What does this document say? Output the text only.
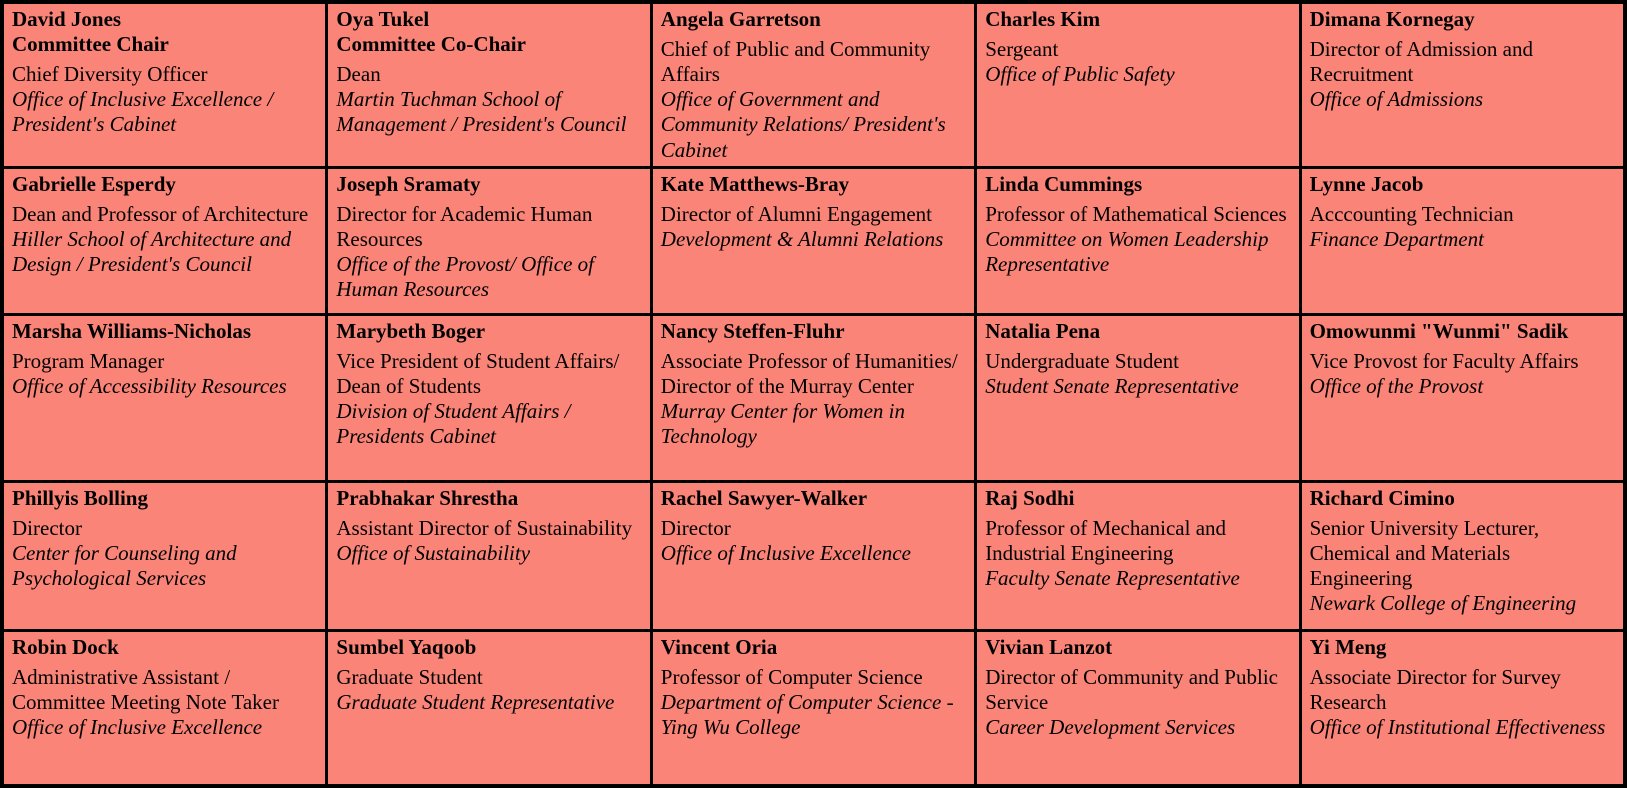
David Jones
Committee Chair
Chief Diversity Officer
Office of Inclusive Excellence / President's Cabinet
Oya Tukel
Committee Co-Chair
Dean
Martin Tuchman School of Management / President's Council
Angela Garretson
Chief of Public and Community Affairs
Office of Government and Community Relations/ President's Cabinet
Charles Kim
Sergeant
Office of Public Safety
Dimana Kornegay
Director of Admission and Recruitment
Office of Admissions
Gabrielle Esperdy
Dean and Professor of Architecture
Hiller School of Architecture and Design / President's Council
Joseph Sramaty
Director for Academic Human Resources
Office of the Provost/ Office of Human Resources
Kate Matthews-Bray
Director of Alumni Engagement
Development & Alumni Relations
Linda Cummings
Professor of Mathematical Sciences
Committee on Women Leadership Representative
Lynne Jacob
Acccounting Technician
Finance Department
Marsha Williams-Nicholas
Program Manager
Office of Accessibility Resources
Marybeth Boger
Vice President of Student Affairs/ Dean of Students
Division of Student Affairs / Presidents Cabinet
Nancy Steffen-Fluhr
Associate Professor of Humanities/ Director of the Murray Center
Murray Center for Women in Technology
Natalia Pena
Undergraduate Student
Student Senate Representative
Omowunmi "Wunmi" Sadik
Vice Provost for Faculty Affairs
Office of the Provost
Phillyis Bolling
Director
Center for Counseling and Psychological Services
Prabhakar Shrestha
Assistant Director of Sustainability
Office of Sustainability
Rachel Sawyer-Walker
Director
Office of Inclusive Excellence
Raj Sodhi
Professor of Mechanical and Industrial Engineering
Faculty Senate Representative
Richard Cimino
Senior University Lecturer, Chemical and Materials Engineering
Newark College of Engineering
Robin Dock
Administrative Assistant / Committee Meeting Note Taker
Office of Inclusive Excellence
Sumbel Yaqoob
Graduate Student
Graduate Student Representative
Vincent Oria
Professor of Computer Science
Department of Computer Science - Ying Wu College
Vivian Lanzot
Director of Community and Public Service
Career Development Services
Yi Meng
Associate Director for Survey Research
Office of Institutional Effectiveness
